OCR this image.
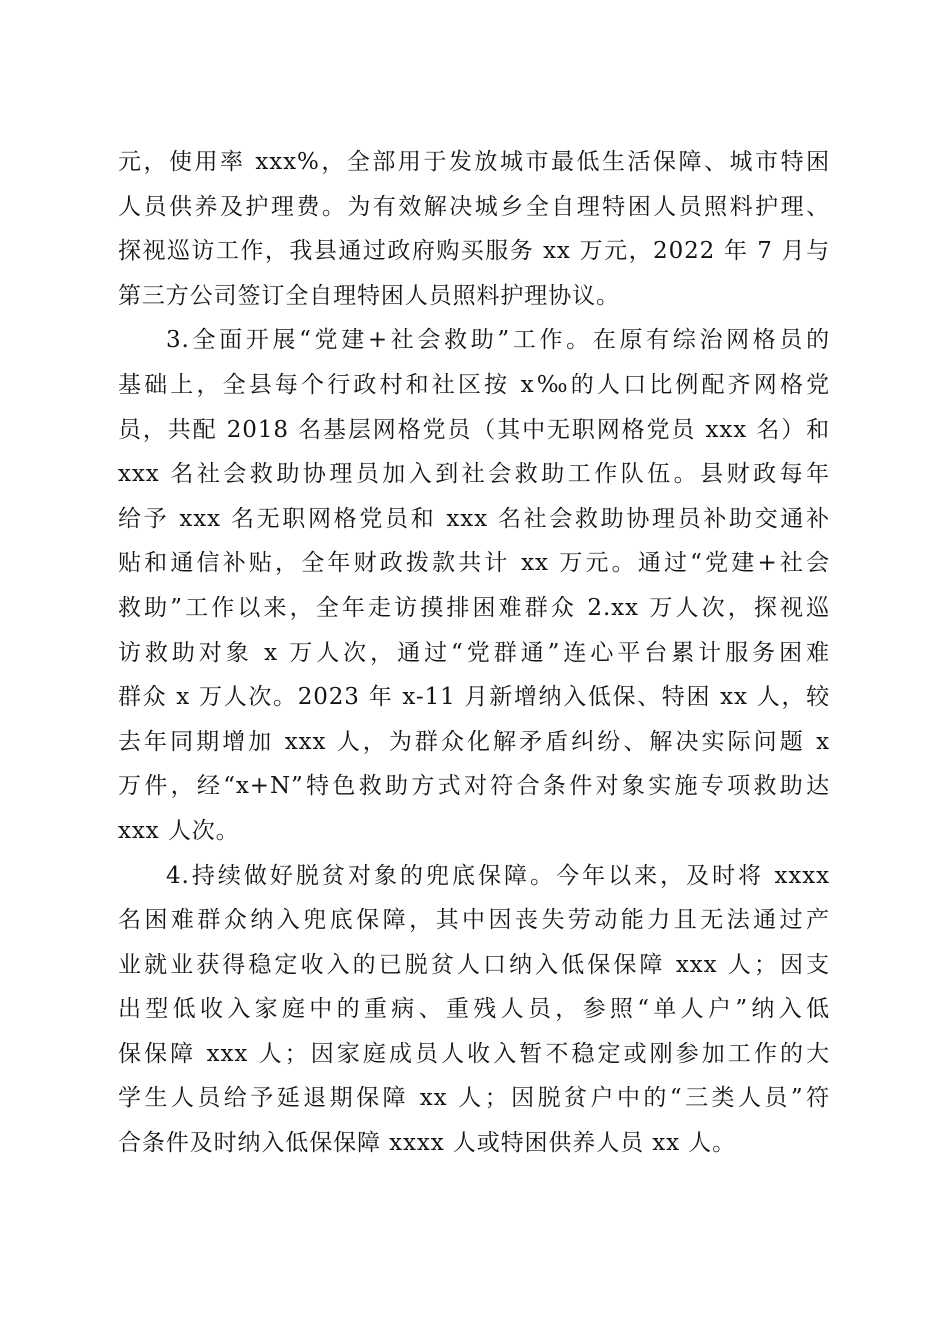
元，使用率 xxx%，全部用于发放城市最低生活保障、城市特困
人员供养及护理费。为有效解决城乡全自理特困人员照料护理、
探视巡访工作，我县通过政府购买服务 xx 万元，2022 年 7 月与
第三方公司签订全自理特困人员照料护理协议。
3.全面开展“党建+社会救助”工作。在原有综治网格员的
基础上，全县每个行政村和社区按 x‰的人口比例配齐网格党
员，共配 2018 名基层网格党员（其中无职网格党员 xxx 名）和
xxx 名社会救助协理员加入到社会救助工作队伍。县财政每年
给予 xxx 名无职网格党员和 xxx 名社会救助协理员补助交通补
贴和通信补贴，全年财政拨款共计 xx 万元。通过“党建+社会
救助”工作以来，全年走访摸排困难群众 2.xx 万人次，探视巡
访救助对象 x 万人次，通过“党群通”连心平台累计服务困难
群众 x 万人次。2023 年 x-11 月新增纳入低保、特困 xx 人，较
去年同期增加 xxx 人，为群众化解矛盾纠纷、解决实际问题 x
万件，经“x+N”特色救助方式对符合条件对象实施专项救助达
xxx 人次。
4.持续做好脱贫对象的兜底保障。今年以来，及时将 xxxx
名困难群众纳入兜底保障，其中因丧失劳动能力且无法通过产
业就业获得稳定收入的已脱贫人口纳入低保保障 xxx 人；因支
出型低收入家庭中的重病、重残人员，参照“单人户”纳入低
保保障 xxx 人；因家庭成员人收入暂不稳定或刚参加工作的大
学生人员给予延退期保障 xx 人；因脱贫户中的“三类人员”符
合条件及时纳入低保保障 xxxx 人或特困供养人员 xx 人。
